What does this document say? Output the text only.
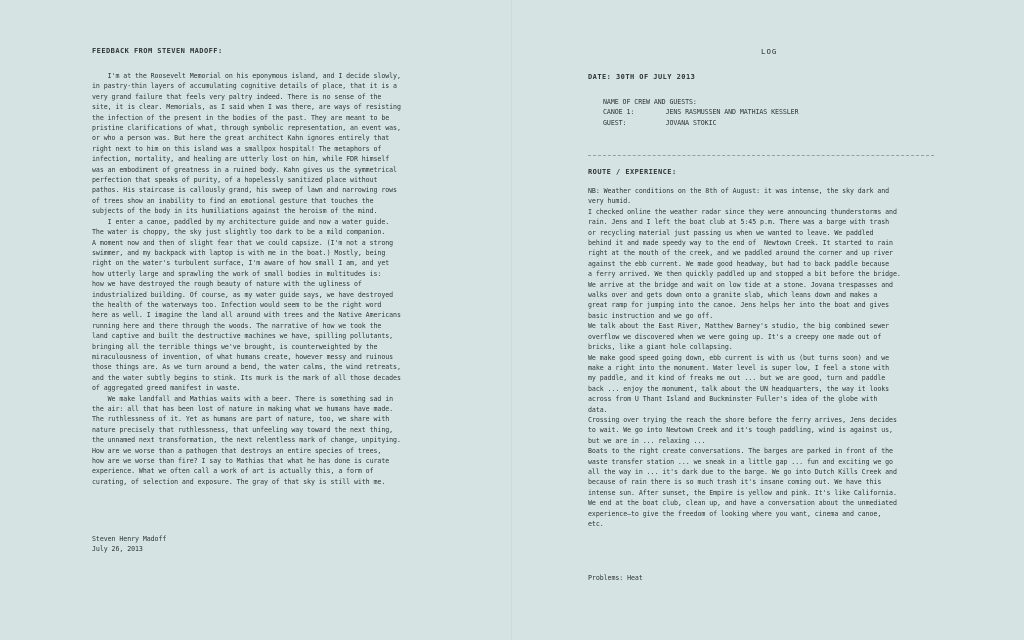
FEEDBACK FROM STEVEN MADOFF:
I'm at the Roosevelt Memorial on his eponymous island, and I decide slowly,
in pastry-thin layers of accumulating cognitive details of place, that it is a
very grand failure that feels very paltry indeed. There is no sense of the
site, it is clear. Memorials, as I said when I was there, are ways of resisting
the infection of the present in the bodies of the past. They are meant to be
pristine clarifications of what, through symbolic representation, an event was,
or who a person was. But here the great architect Kahn ignores entirely that
right next to him on this island was a smallpox hospital! The metaphors of
infection, mortality, and healing are utterly lost on him, while FDR himself
was an embodiment of greatness in a ruined body. Kahn gives us the symmetrical
perfection that speaks of purity, of a hopelessly sanitized place without
pathos. His staircase is callously grand, his sweep of lawn and narrowing rows
of trees show an inability to find an emotional gesture that touches the
subjects of the body in its humiliations against the heroism of the mind.
I enter a canoe, paddled by my architecture guide and now a water guide.
The water is choppy, the sky just slightly too dark to be a mild companion.
A moment now and then of slight fear that we could capsize. (I'm not a strong
swimmer, and my backpack with laptop is with me in the boat.) Mostly, being
right on the water's turbulent surface, I'm aware of how small I am, and yet
how utterly large and sprawling the work of small bodies in multitudes is:
how we have destroyed the rough beauty of nature with the ugliness of
industrialized building. Of course, as my water guide says, we have destroyed
the health of the waterways too. Infection would seem to be the right word
here as well. I imagine the land all around with trees and the Native Americans
running here and there through the woods. The narrative of how we took the
land captive and built the destructive machines we have, spilling pollutants,
bringing all the terrible things we've brought, is counterweighted by the
miraculousness of invention, of what humans create, however messy and ruinous
those things are. As we turn around a bend, the water calms, the wind retreats,
and the water subtly begins to stink. Its murk is the mark of all those decades
of aggregated greed manifest in waste.
We make landfall and Mathias waits with a beer. There is something sad in
the air: all that has been lost of nature in making what we humans have made.
The ruthlessness of it. Yet as humans are part of nature, too, we share with
nature precisely that ruthlessness, that unfeeling way toward the next thing,
the unnamed next transformation, the next relentless mark of change, unpitying.
How are we worse than a pathogen that destroys an entire species of trees,
how are we worse than fire? I say to Mathias that what he has done is curate
experience. What we often call a work of art is actually this, a form of
curating, of selection and exposure. The gray of that sky is still with me.
Steven Henry Madoff
July 26, 2013
LOG
DATE: 30TH OF JULY 2013
NAME OF CREW AND GUESTS:
CANOE 1:	JENS RASMUSSEN AND MATHIAS KESSLER
GUEST:	JOVANA STOKIC
ROUTE / EXPERIENCE:
NB: Weather conditions on the 8th of August: it was intense, the sky dark and
very humid.
I checked online the weather radar since they were announcing thunderstorms and
rain. Jens and I left the boat club at 5:45 p.m. There was a barge with trash
or recycling material just passing us when we wanted to leave. We paddled
behind it and made speedy way to the end of  Newtown Creek. It started to rain
right at the mouth of the creek, and we paddled around the corner and up river
against the ebb current. We made good headway, but had to back paddle because
a ferry arrived. We then quickly paddled up and stopped a bit before the bridge.
We arrive at the bridge and wait on low tide at a stone. Jovana trespasses and
walks over and gets down onto a granite slab, which leans down and makes a
great ramp for jumping into the canoe. Jens helps her into the boat and gives
basic instruction and we go off.
We talk about the East River, Matthew Barney's studio, the big combined sewer
overflow we discovered when we were going up. It's a creepy one made out of
bricks, like a giant hole collapsing.
We make good speed going down, ebb current is with us (but turns soon) and we
make a right into the monument. Water level is super low, I feel a stone with
my paddle, and it kind of freaks me out ... but we are good, turn and paddle
back ... enjoy the monument, talk about the UN headquarters, the way it looks
across from U Thant Island and Buckminster Fuller's idea of the globe with
data.
Crossing over trying the reach the shore before the ferry arrives, Jens decides
to wait. We go into Newtown Creek and it's tough paddling, wind is against us,
but we are in ... relaxing ...
Boats to the right create conversations. The barges are parked in front of the
waste transfer station ... we sneak in a little gap ... fun and exciting we go
all the way in ... it's dark due to the barge. We go into Dutch Kills Creek and
because of rain there is so much trash it's insane coming out. We have this
intense sun. After sunset, the Empire is yellow and pink. It's like California.
We end at the boat club, clean up, and have a conversation about the unmediated
experience—to give the freedom of looking where you want, cinema and canoe,
etc.
Problems: Heat
